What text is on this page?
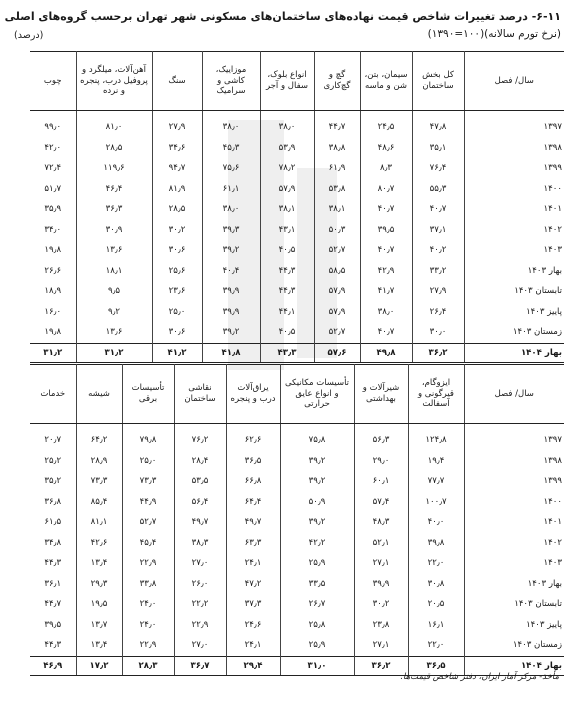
۶-۱۱- درصد تغییرات شاخص قیمت نهاده‌های ساختمان‌های مسکونی شهر تهران برحسب گروه‌های اصلی
(نرخ تورم سالانه)(۱۰۰=۱۳۹۰)
(درصد)
سال/ فصل	کل بخش ساختمان	سیمان، بتن، شن و ماسه	گچ و گچ‌کاری	انواع بلوک، سفال و آجر	موزاییک، کاشی و سرامیک	سنگ	آهن‌آلات، میلگرد و پروفیل درب، پنجره و نرده	چوب
۱۳۹۷	۴۷٫۸	۲۴٫۵	۴۴٫۷	۳۸٫۰	۳۸٫۰	۲۷٫۹	۸۱٫۰	۹۹٫۰
۱۳۹۸	۳۵٫۱	۴۸٫۶	۳۸٫۸	۵۳٫۹	۴۵٫۳	۳۴٫۶	۲۸٫۵	۴۲٫۰
۱۳۹۹	۷۶٫۴	۸٫۳	۶۱٫۹	۷۸٫۲	۷۵٫۶	۹۴٫۷	۱۱۹٫۶	۷۲٫۴
۱۴۰۰	۵۵٫۳	۸۰٫۷	۵۳٫۸	۵۷٫۹	۶۱٫۱	۸۱٫۹	۴۶٫۴	۵۱٫۷
۱۴۰۱	۴۰٫۷	۴۰٫۷	۳۸٫۱	۳۸٫۱	۳۸٫۰	۲۸٫۵	۳۶٫۳	۳۵٫۹
۱۴۰۲	۳۷٫۱	۳۹٫۵	۵۰٫۳	۴۳٫۱	۳۹٫۳	۳۰٫۲	۳۰٫۹	۳۴٫۰
۱۴۰۳	۴۰٫۲	۴۰٫۷	۵۲٫۷	۴۰٫۵	۳۹٫۲	۳۰٫۶	۱۳٫۶	۱۹٫۸
بهار ۱۴۰۳	۳۳٫۲	۴۲٫۹	۵۸٫۵	۴۴٫۳	۴۰٫۴	۲۵٫۶	۱۸٫۱	۲۶٫۶
تابستان ۱۴۰۳	۲۷٫۹	۴۱٫۷	۵۷٫۹	۴۴٫۳	۳۹٫۹	۲۳٫۶	۹٫۵	۱۸٫۹
پاییز ۱۴۰۳	۲۶٫۴	۳۸٫۰	۵۷٫۹	۴۴٫۱	۳۹٫۹	۲۵٫۰	۹٫۲	۱۶٫۰
زمستان ۱۴۰۳	۳۰٫۰	۴۰٫۷	۵۲٫۷	۴۰٫۵	۳۹٫۲	۳۰٫۶	۱۳٫۶	۱۹٫۸
بهار ۱۴۰۴	۳۶٫۲	۴۹٫۸	۵۷٫۶	۴۳٫۳	۴۱٫۸	۴۱٫۲	۳۱٫۲	۳۱٫۲
سال/ فصل	ایزوگام، قیرگونی و آسفالت	شیرآلات و بهداشتی	تأسیسات مکانیکی و انواع عایق حرارتی	یراق‌آلات درب و پنجره	نقاشی ساختمان	تأسیسات برقی	شیشه	خدمات
۱۳۹۷	۱۲۴٫۸	۵۶٫۳	۷۵٫۸	۶۲٫۶	۷۶٫۲	۷۹٫۸	۶۴٫۲	۲۰٫۷
۱۳۹۸	۱۹٫۴	۲۹٫۰	۳۹٫۲	۳۶٫۵	۲۸٫۴	۲۵٫۰	۲۸٫۹	۲۵٫۲
۱۳۹۹	۷۷٫۷	۶۰٫۱	۳۹٫۲	۶۶٫۸	۵۳٫۵	۷۳٫۳	۷۳٫۳	۳۵٫۲
۱۴۰۰	۱۰۰٫۷	۵۷٫۴	۵۰٫۹	۶۴٫۴	۵۶٫۴	۴۴٫۹	۸۵٫۴	۳۶٫۸
۱۴۰۱	۴۰٫۰	۴۸٫۳	۳۹٫۲	۴۹٫۷	۴۹٫۷	۵۲٫۷	۸۱٫۱	۶۱٫۵
۱۴۰۲	۳۹٫۸	۵۲٫۱	۴۲٫۲	۶۳٫۳	۳۸٫۳	۴۵٫۴	۴۲٫۶	۳۴٫۸
۱۴۰۳	۲۲٫۰	۲۷٫۱	۲۵٫۹	۲۴٫۱	۲۷٫۰	۲۲٫۹	۱۳٫۴	۴۴٫۳
بهار ۱۴۰۳	۳۰٫۸	۳۹٫۹	۳۳٫۵	۴۷٫۲	۲۶٫۰	۳۳٫۸	۲۹٫۳	۳۶٫۱
تابستان ۱۴۰۳	۲۰٫۵	۳۰٫۲	۲۶٫۷	۳۷٫۳	۲۲٫۲	۲۴٫۰	۱۹٫۵	۴۴٫۷
پاییز ۱۴۰۳	۱۶٫۱	۲۳٫۸	۲۵٫۸	۲۴٫۶	۲۲٫۹	۲۴٫۰	۱۳٫۷	۳۹٫۵
زمستان ۱۴۰۳	۲۲٫۰	۲۷٫۱	۲۵٫۹	۲۴٫۱	۲۷٫۰	۲۲٫۹	۱۳٫۴	۴۴٫۳
بهار ۱۴۰۴	۳۶٫۵	۳۶٫۲	۳۱٫۰	۲۹٫۴	۳۶٫۷	۲۸٫۳	۱۷٫۲	۴۶٫۹
مأخذ- مرکز آمار ایران، دفتر شاخص قیمت‌ها.
